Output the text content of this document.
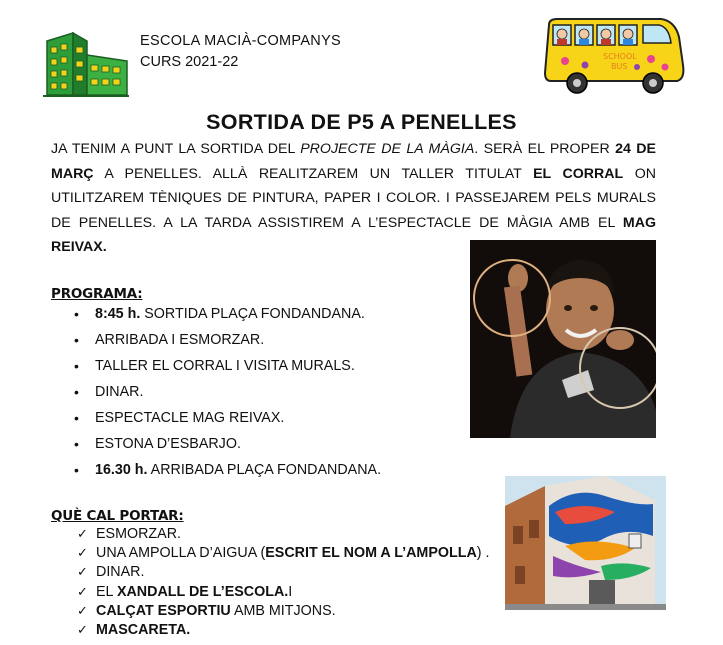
ESCOLA MACIÀ-COMPANYS
CURS 2021-22	SCHOOL
BUS
SORTIDA DE P5 A PENELLES

JA TENIM A PUNT LA SORTIDA DEL PROJECTE DE LA MÀGIA. SERÀ EL PROPER 24 DE MARÇ A PENELLES. ALLÀ REALITZAREM UN TALLER TITULAT EL CORRAL ON UTILITZAREM TÈNIQUES DE PINTURA, PAPER I COLOR. I PASSEJAREM PELS MURALS DE PENELLES. A LA TARDA ASSISTIREM A L’ESPECTACLE DE MÀGIA AMB EL MAG REIVAX.

PROGRAMA:
• 8:45 h. SORTIDA PLAÇA FONDANDANA.
• ARRIBADA I ESMORZAR.
• TALLER EL CORRAL I VISITA MURALS.
• DINAR.
• ESPECTACLE MAG REIVAX.
• ESTONA D’ESBARJO.
• 16.30 h. ARRIBADA PLAÇA FONDANDANA.
QUÈ CAL PORTAR:
✓ ESMORZAR.
✓ UNA AMPOLLA D’AIGUA (ESCRIT EL NOM A L’AMPOLLA) .
✓ DINAR.
✓ EL XANDALL DE L’ESCOLA.I
✓ CALÇAT ESPORTIU AMB MITJONS.
✓ MASCARETA.
